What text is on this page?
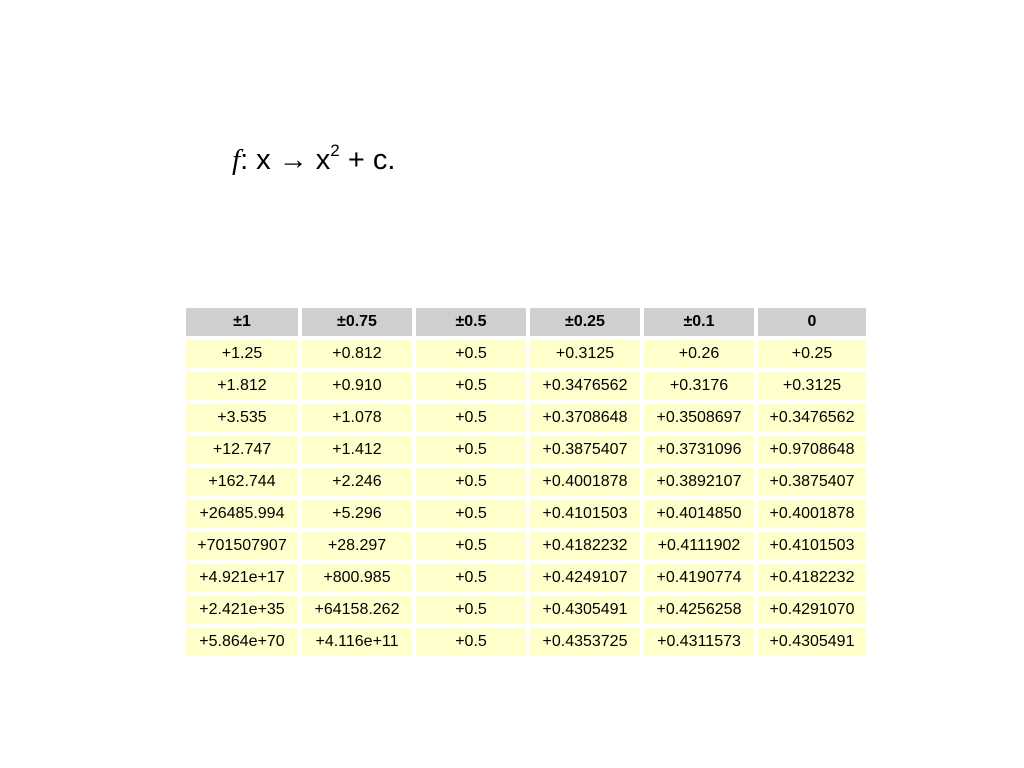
f: $x \to x^2 + c$.
±1	±0.75	±0.5	±0.25	±0.1	0
+1.25	+0.812	+0.5	+0.3125	+0.26	+0.25
+1.812	+0.910	+0.5	+0.3476562	+0.3176	+0.3125
+3.535	+1.078	+0.5	+0.3708648	+0.3508697	+0.3476562
+12.747	+1.412	+0.5	+0.3875407	+0.3731096	+0.9708648
+162.744	+2.246	+0.5	+0.4001878	+0.3892107	+0.3875407
+26485.994	+5.296	+0.5	+0.4101503	+0.4014850	+0.4001878
+701507907	+28.297	+0.5	+0.4182232	+0.4111902	+0.4101503
+4.921e+17	+800.985	+0.5	+0.4249107	+0.4190774	+0.4182232
+2.421e+35	+64158.262	+0.5	+0.4305491	+0.4256258	+0.4291070
+5.864e+70	+4.116e+11	+0.5	+0.4353725	+0.4311573	+0.4305491
